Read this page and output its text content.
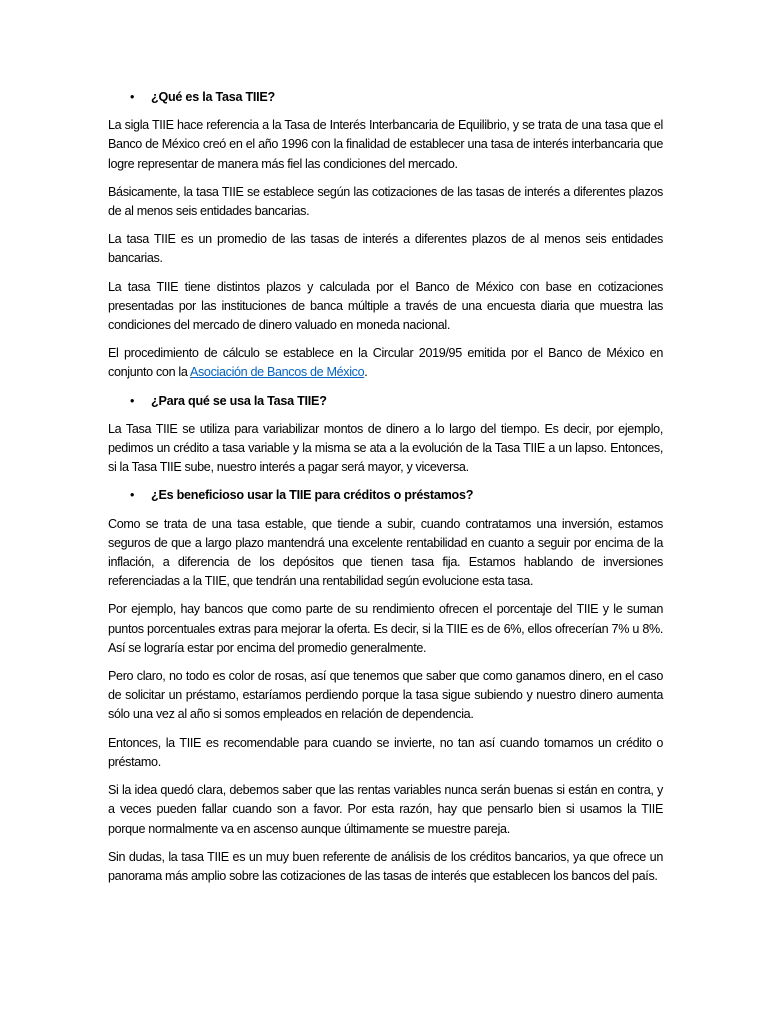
• ¿Qué es la Tasa TIIE?

La sigla TIIE hace referencia a la Tasa de Interés Interbancaria de Equilibrio, y se trata de una tasa que el Banco de México creó en el año 1996 con la finalidad de establecer una tasa de interés interbancaria que logre representar de manera más fiel las condiciones del mercado.

Básicamente, la tasa TIIE se establece según las cotizaciones de las tasas de interés a diferentes plazos de al menos seis entidades bancarias.

La tasa TIIE es un promedio de las tasas de interés a diferentes plazos de al menos seis entidades bancarias.

La tasa TIIE tiene distintos plazos y calculada por el Banco de México con base en cotizaciones presentadas por las instituciones de banca múltiple a través de una encuesta diaria que muestra las condiciones del mercado de dinero valuado en moneda nacional.

El procedimiento de cálculo se establece en la Circular 2019/95 emitida por el Banco de México en conjunto con la Asociación de Bancos de México.

• ¿Para qué se usa la Tasa TIIE?

La Tasa TIIE se utiliza para variabilizar montos de dinero a lo largo del tiempo. Es decir, por ejemplo, pedimos un crédito a tasa variable y la misma se ata a la evolución de la Tasa TIIE a un lapso. Entonces, si la Tasa TIIE sube, nuestro interés a pagar será mayor, y viceversa.

• ¿Es beneficioso usar la TIIE para créditos o préstamos?

Como se trata de una tasa estable, que tiende a subir, cuando contratamos una inversión, estamos seguros de que a largo plazo mantendrá una excelente rentabilidad en cuanto a seguir por encima de la inflación, a diferencia de los depósitos que tienen tasa fija. Estamos hablando de inversiones referenciadas a la TIIE, que tendrán una rentabilidad según evolucione esta tasa.

Por ejemplo, hay bancos que como parte de su rendimiento ofrecen el porcentaje del TIIE y le suman puntos porcentuales extras para mejorar la oferta. Es decir, si la TIIE es de 6%, ellos ofrecerían 7% u 8%. Así se lograría estar por encima del promedio generalmente.

Pero claro, no todo es color de rosas, así que tenemos que saber que como ganamos dinero, en el caso de solicitar un préstamo, estaríamos perdiendo porque la tasa sigue subiendo y nuestro dinero aumenta sólo una vez al año si somos empleados en relación de dependencia.

Entonces, la TIIE es recomendable para cuando se invierte, no tan así cuando tomamos un crédito o préstamo.

Si la idea quedó clara, debemos saber que las rentas variables nunca serán buenas si están en contra, y a veces pueden fallar cuando son a favor. Por esta razón, hay que pensarlo bien si usamos la TIIE porque normalmente va en ascenso aunque últimamente se muestre pareja.

Sin dudas, la tasa TIIE es un muy buen referente de análisis de los créditos bancarios, ya que ofrece un panorama más amplio sobre las cotizaciones de las tasas de interés que establecen los bancos del país.
